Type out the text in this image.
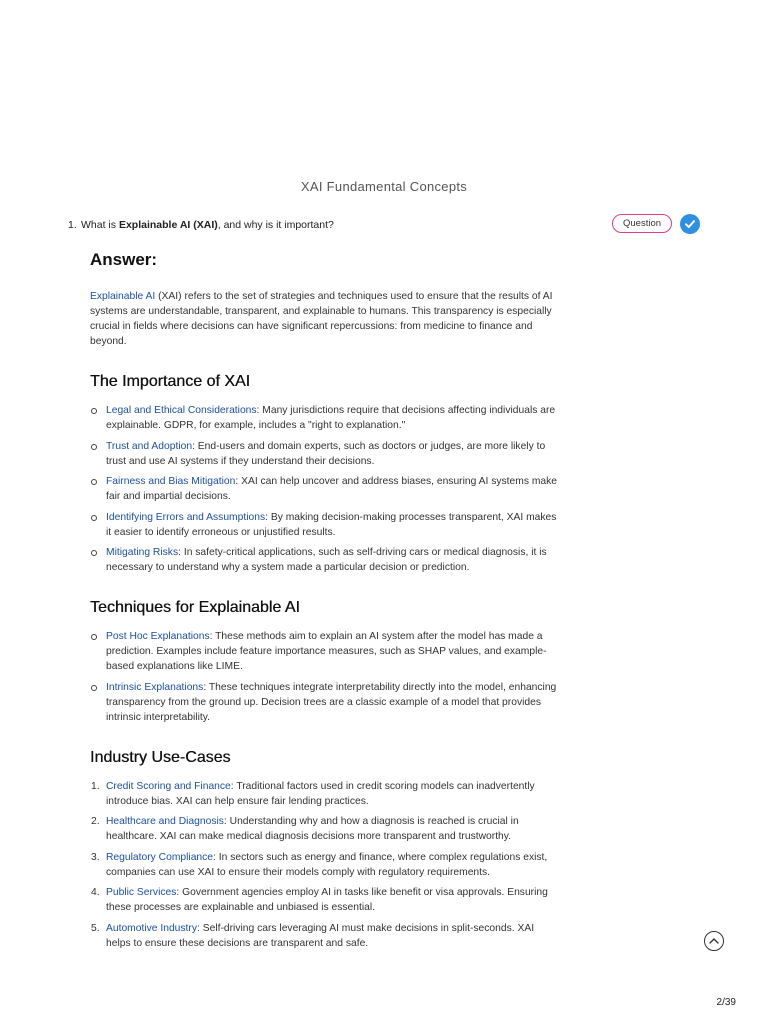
XAI Fundamental Concepts
1. What is Explainable AI (XAI), and why is it important?	Question
Answer:

Explainable AI (XAI) refers to the set of strategies and techniques used to ensure that the results of AI systems are understandable, transparent, and explainable to humans. This transparency is especially crucial in fields where decisions can have significant repercussions: from medicine to finance and beyond.

The Importance of XAI
Legal and Ethical Considerations: Many jurisdictions require that decisions affecting individuals are explainable. GDPR, for example, includes a "right to explanation."
Trust and Adoption: End-users and domain experts, such as doctors or judges, are more likely to trust and use AI systems if they understand their decisions.
Fairness and Bias Mitigation: XAI can help uncover and address biases, ensuring AI systems make fair and impartial decisions.
Identifying Errors and Assumptions: By making decision-making processes transparent, XAI makes it easier to identify erroneous or unjustified results.
Mitigating Risks: In safety-critical applications, such as self-driving cars or medical diagnosis, it is necessary to understand why a system made a particular decision or prediction.
Techniques for Explainable AI
Post Hoc Explanations: These methods aim to explain an AI system after the model has made a prediction. Examples include feature importance measures, such as SHAP values, and example-based explanations like LIME.
Intrinsic Explanations: These techniques integrate interpretability directly into the model, enhancing transparency from the ground up. Decision trees are a classic example of a model that provides intrinsic interpretability.
Industry Use-Cases
Credit Scoring and Finance: Traditional factors used in credit scoring models can inadvertently introduce bias. XAI can help ensure fair lending practices.
Healthcare and Diagnosis: Understanding why and how a diagnosis is reached is crucial in healthcare. XAI can make medical diagnosis decisions more transparent and trustworthy.
Regulatory Compliance: In sectors such as energy and finance, where complex regulations exist, companies can use XAI to ensure their models comply with regulatory requirements.
Public Services: Government agencies employ AI in tasks like benefit or visa approvals. Ensuring these processes are explainable and unbiased is essential.
Automotive Industry: Self-driving cars leveraging AI must make decisions in split-seconds. XAI helps to ensure these decisions are transparent and safe.
2/39
